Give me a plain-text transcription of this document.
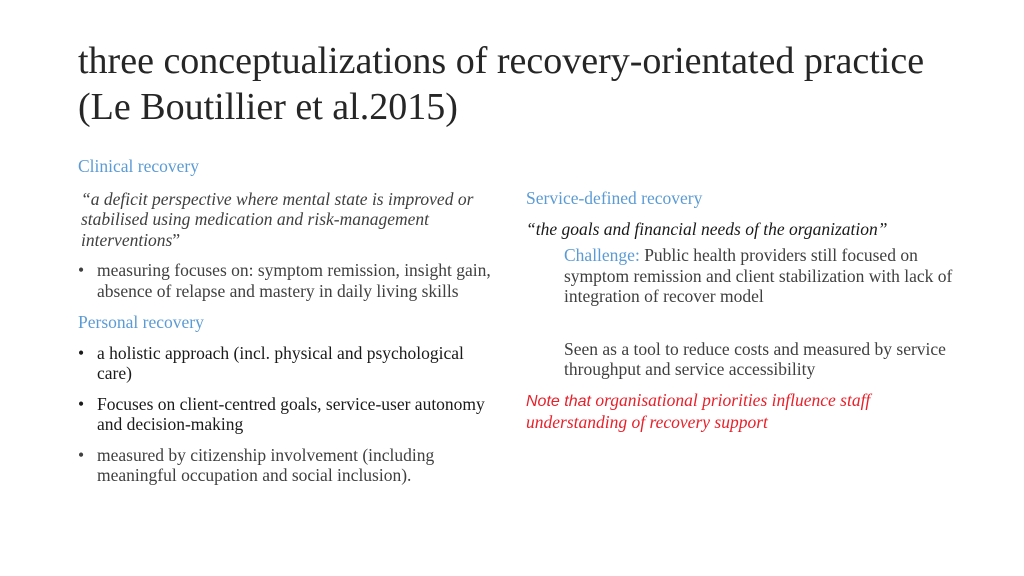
three conceptualizations of recovery-orientated practice (Le Boutillier et al.2015)

Clinical recovery

“a deficit perspective where mental state is improved or stabilised using medication and risk-management interventions”

• measuring focuses on: symptom remission, insight gain, absence of relapse and mastery in daily living skills

Personal recovery

• a holistic approach (incl. physical and psychological care)
• Focuses on client-centred goals, service-user autonomy and decision-making
• measured by citizenship involvement (including meaningful occupation and social inclusion).

Service-defined recovery

“the goals and financial needs of the organization”

Challenge: Public health providers still focused on symptom remission and client stabilization with lack of integration of recover model

Seen as a tool to reduce costs and measured by service throughput and service accessibility

Note that organisational priorities influence staff understanding of recovery support
